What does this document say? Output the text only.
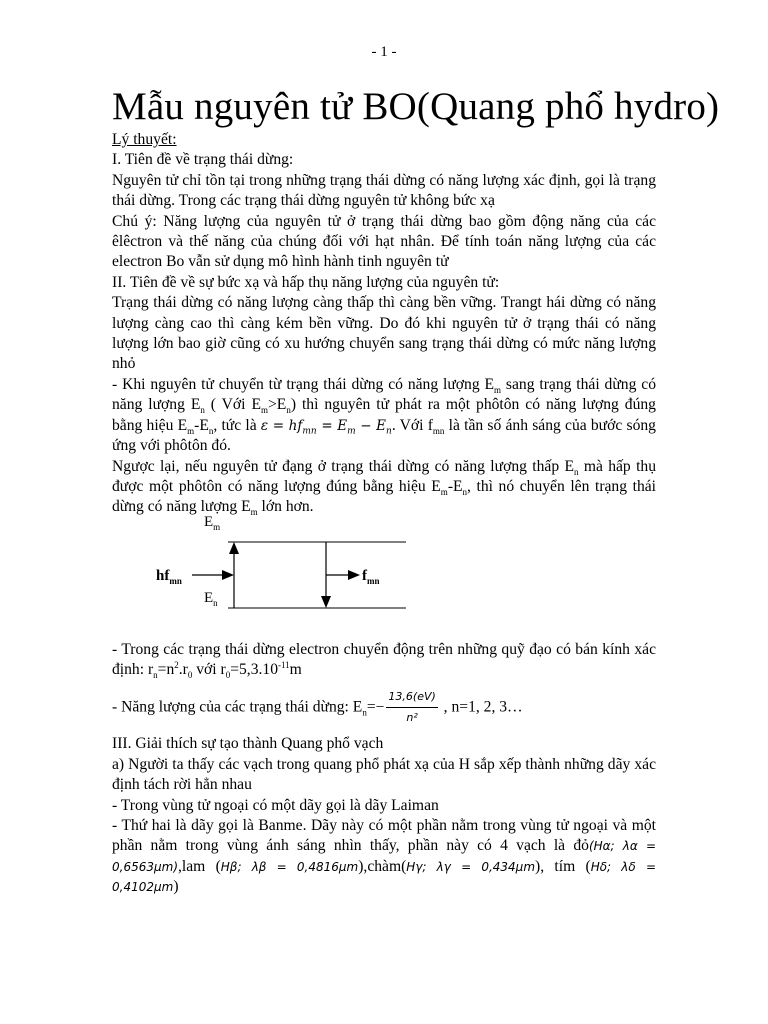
- 1 -
Mẫu nguyên tử BO(Quang phổ hydro)

Lý thuyết:

I. Tiên đề về trạng thái dừng:

Nguyên tử chỉ tồn tại trong những trạng thái dừng có năng lượng xác định, gọi là trạng thái dừng. Trong các trạng thái dừng nguyên tử không bức xạ

Chú ý: Năng lượng của nguyên tử ở trạng thái dừng bao gồm động năng của các êlêctron và thế năng của chúng đối với hạt nhân. Để tính toán năng lượng của các electron Bo vẫn sử dụng mô hình hành tinh nguyên tử

II. Tiên đề về sự bức xạ và hấp thụ năng lượng của nguyên tử:

Trạng thái dừng có năng lượng càng thấp thì càng bền vững. Trangt hái dừng có năng lượng càng cao thì càng kém bền vững. Do đó khi nguyên tử ở trạng thái có năng lượng lớn bao giờ cũng có xu hướng chuyển sang trạng thái dừng có mức năng lượng nhỏ

- Khi nguyên tử chuyển từ trạng thái dừng có năng lượng $E_m$ sang trạng thái dừng có năng lượng $E_n$ ( Với $E_m>E_n$) thì nguyên tử phát ra một phôtôn có năng lượng đúng bằng hiệu $E_m-E_n$, tức là $\varepsilon = hf_{mn} = E_m - E_n$. Với $f_{mn}$ là tần số ánh sáng của bước sóng ứng với phôtôn đó.

Ngược lại, nếu nguyên tử đạng ở trạng thái dừng có năng lượng thấp $E_n$ mà hấp thụ được một phôtôn có năng lượng đúng bằng hiệu $E_m-E_n$, thì nó chuyển lên trạng thái dừng có năng lượng $E_m$ lớn hơn.

$E_m$
$E_n$
$hf_{mn}$	$f_{mn}$

- Trong các trạng thái dừng electron chuyển động trên những quỹ đạo có bán kính xác định: $r_n=n^2.r_0$ với $r_0=5,3.10^{-11}m$

- Năng lượng của các trạng thái dừng: $E_n=- \frac{13,6(eV)}{\text{n²}}$ , n=1, 2, 3…

III. Giải thích sự tạo thành Quang phổ vạch

a) Người ta thấy các vạch trong quang phổ phát xạ của H sắp xếp thành những dãy xác định tách rời hẳn nhau

- Trong vùng tử ngoại có một dãy gọi là dãy Laiman

- Thứ hai là dãy gọi là Banme. Dãy này có một phần nằm trong vùng tử ngoại và một phần nằm trong vùng ánh sáng nhìn thấy, phần này có 4 vạch là đỏ(Hα; λα = 0,6563μm),lam (Hβ; λβ = 0,4816μm),chàm(Hγ; λγ = 0,434μm), tím (Hδ; λδ = 0,4102μm)
